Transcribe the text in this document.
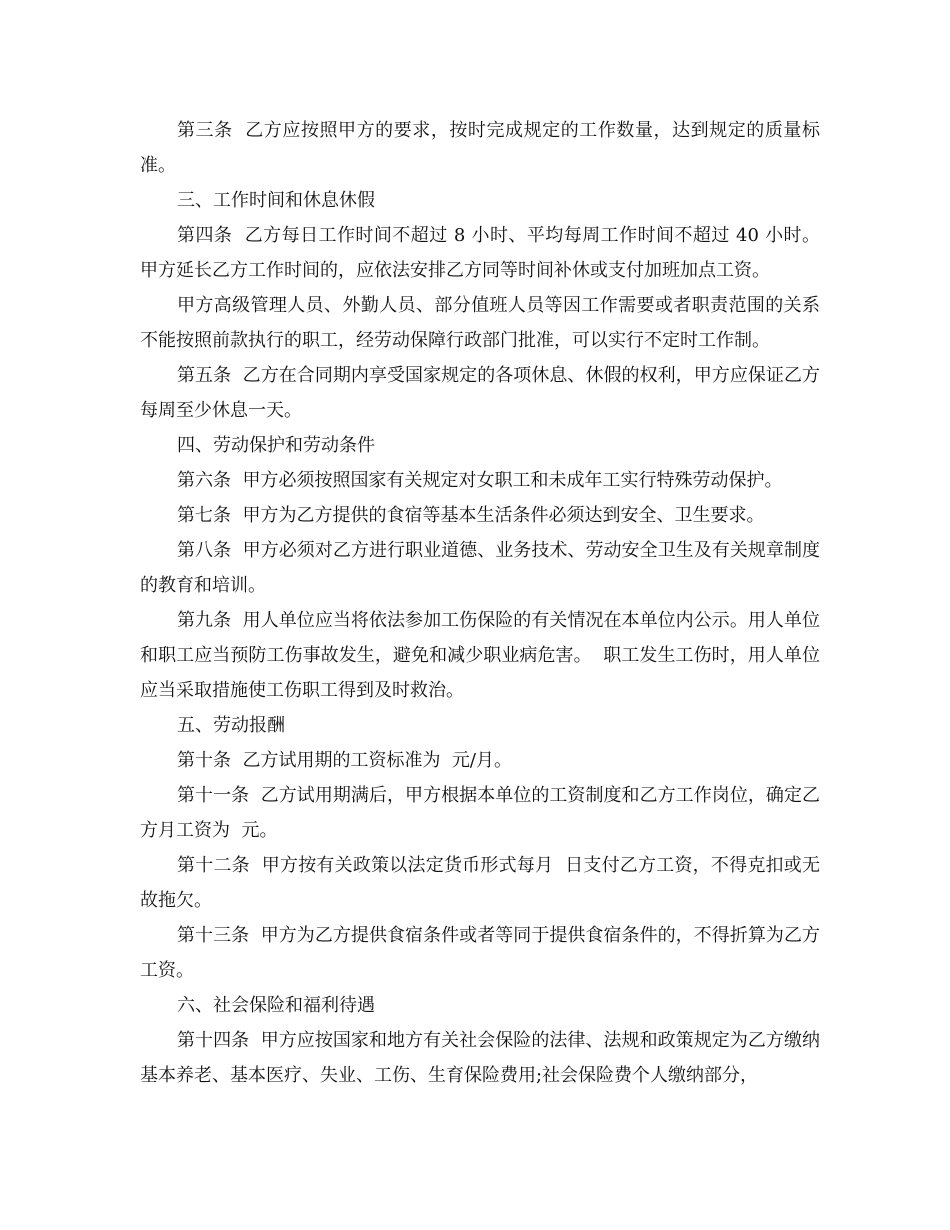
第三条  乙方应按照甲方的要求，按时完成规定的工作数量，达到规定的质量标准。

三、工作时间和休息休假

第四条  乙方每日工作时间不超过 8 小时、平均每周工作时间不超过 40 小时。甲方延长乙方工作时间的，应依法安排乙方同等时间补休或支付加班加点工资。

甲方高级管理人员、外勤人员、部分值班人员等因工作需要或者职责范围的关系不能按照前款执行的职工，经劳动保障行政部门批准，可以实行不定时工作制。

第五条  乙方在合同期内享受国家规定的各项休息、休假的权利，甲方应保证乙方每周至少休息一天。

四、劳动保护和劳动条件

第六条  甲方必须按照国家有关规定对女职工和未成年工实行特殊劳动保护。

第七条  甲方为乙方提供的食宿等基本生活条件必须达到安全、卫生要求。

第八条  甲方必须对乙方进行职业道德、业务技术、劳动安全卫生及有关规章制度的教育和培训。

第九条  用人单位应当将依法参加工伤保险的有关情况在本单位内公示。用人单位和职工应当预防工伤事故发生，避免和减少职业病危害。  职工发生工伤时，用人单位应当采取措施使工伤职工得到及时救治。

五、劳动报酬

第十条  乙方试用期的工资标准为  元/月。

第十一条  乙方试用期满后，甲方根据本单位的工资制度和乙方工作岗位，确定乙方月工资为  元。

第十二条  甲方按有关政策以法定货币形式每月  日支付乙方工资，不得克扣或无故拖欠。

第十三条  甲方为乙方提供食宿条件或者等同于提供食宿条件的，不得折算为乙方工资。

六、社会保险和福利待遇

第十四条  甲方应按国家和地方有关社会保险的法律、法规和政策规定为乙方缴纳基本养老、基本医疗、失业、工伤、生育保险费用;社会保险费个人缴纳部分，
